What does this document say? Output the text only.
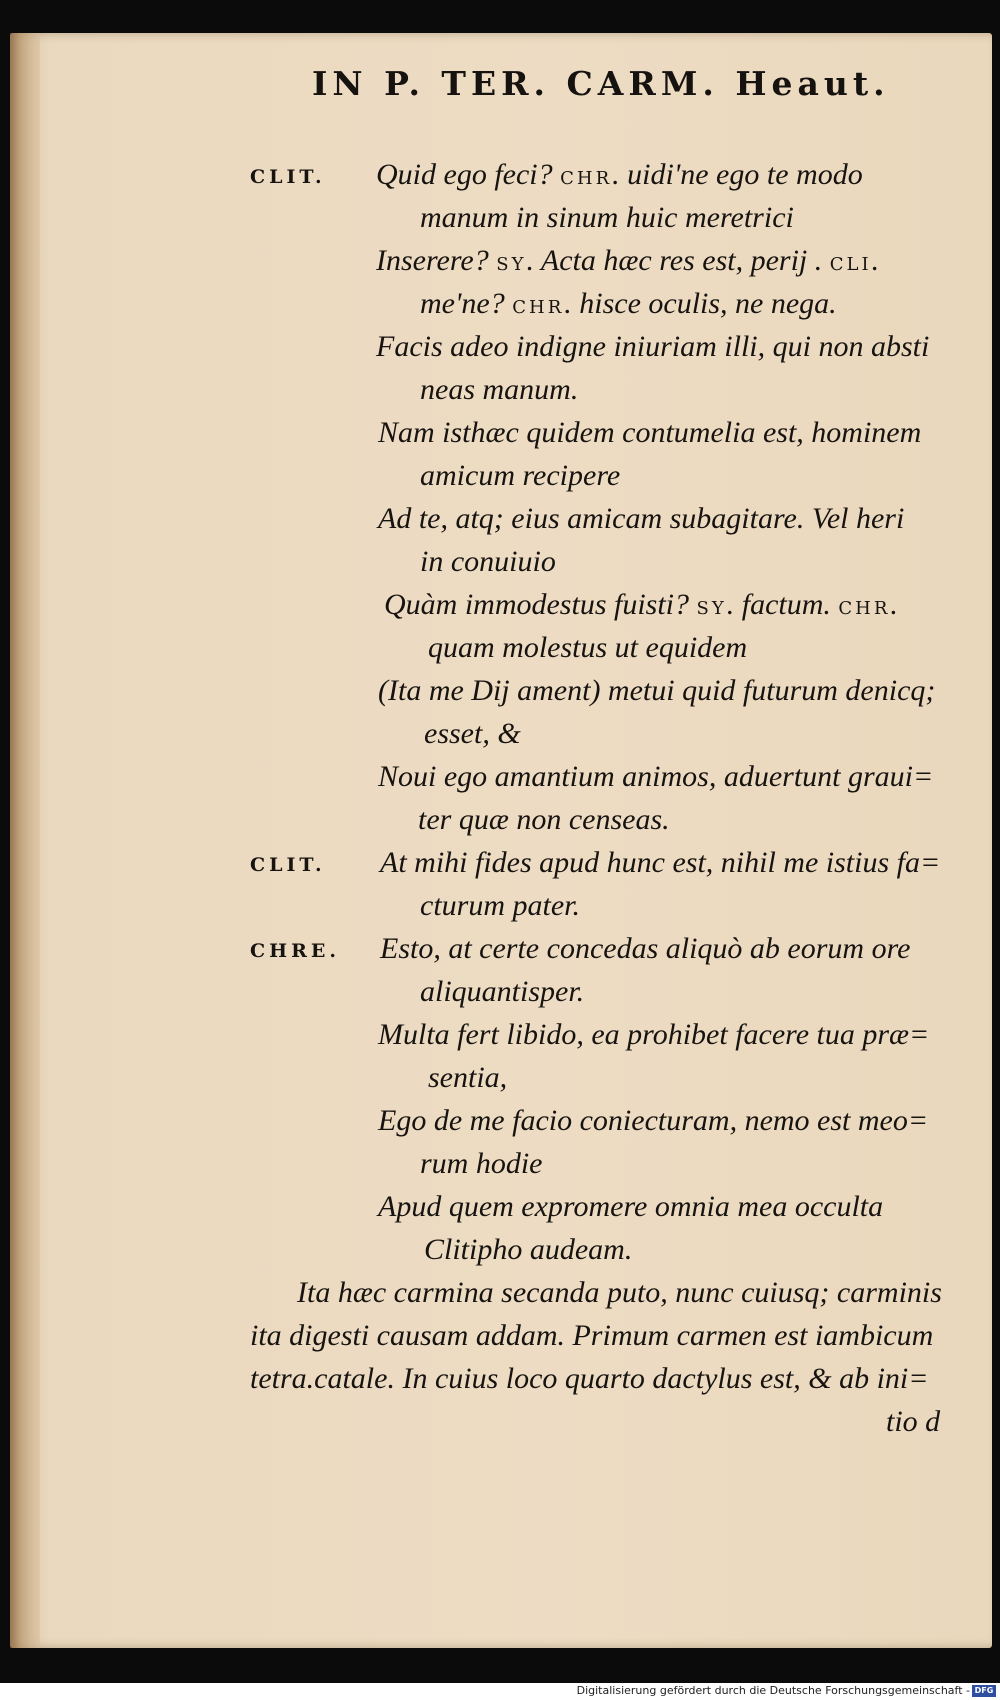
IN P. TER. CARM. Heaut.
CLIT. Quid ego feci? CHR. uidi'ne ego te modo
manum in sinum huic meretrici
Inserere? SY. Acta hæc res est, perij . CLI.
me'ne? CHR. hisce oculis, ne nega.
Facis adeo indigne iniuriam illi, qui non absti
neas manum.
Nam isthæc quidem contumelia est, hominem
amicum recipere
Ad te, atq; eius amicam subagitare. Vel heri
in conuiuio
Quàm immodestus fuisti? SY. factum. CHR.
quam molestus ut equidem
(Ita me Dij ament) metui quid futurum denicq;
esset, &
Noui ego amantium animos, aduertunt graui=
ter quæ non censeas.
CLIT. At mihi fides apud hunc est, nihil me istius fa=
cturum pater.
CHRE. Esto, at certe concedas aliquò ab eorum ore
aliquantisper.
Multa fert libido, ea prohibet facere tua præ=
sentia,
Ego de me facio coniecturam, nemo est meo=
rum hodie
Apud quem expromere omnia mea occulta
Clitipho audeam.
Ita hæc carmina secanda puto, nunc cuiusq; carminis
ita digesti causam addam. Primum carmen est iambicum
tetra.catale. In cuius loco quarto dactylus est, & ab ini=
tio d
Digitalisierung gefördert durch die Deutsche Forschungsgemeinschaft - DFG
